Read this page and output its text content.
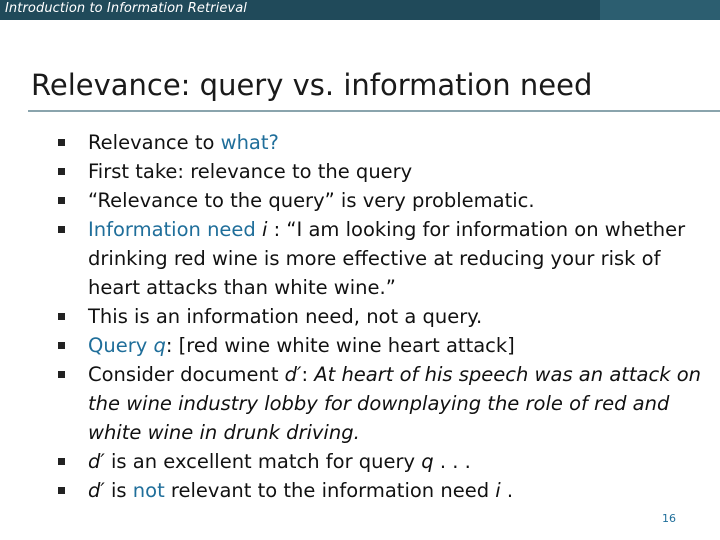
Introduction to Information Retrieval
Relevance: query vs. information need
Relevance to what?
First take: relevance to the query
“Relevance to the query” is very problematic.
Information need i : “I am looking for information on whether drinking red wine is more effective at reducing your risk of heart attacks than white wine.”
This is an information need, not a query.
Query q: [red wine white wine heart attack]
Consider document d′: At heart of his speech was an attack on the wine industry lobby for downplaying the role of red and white wine in drunk driving.
d′ is an excellent match for query q . . .
d′ is not relevant to the information need i .
16
